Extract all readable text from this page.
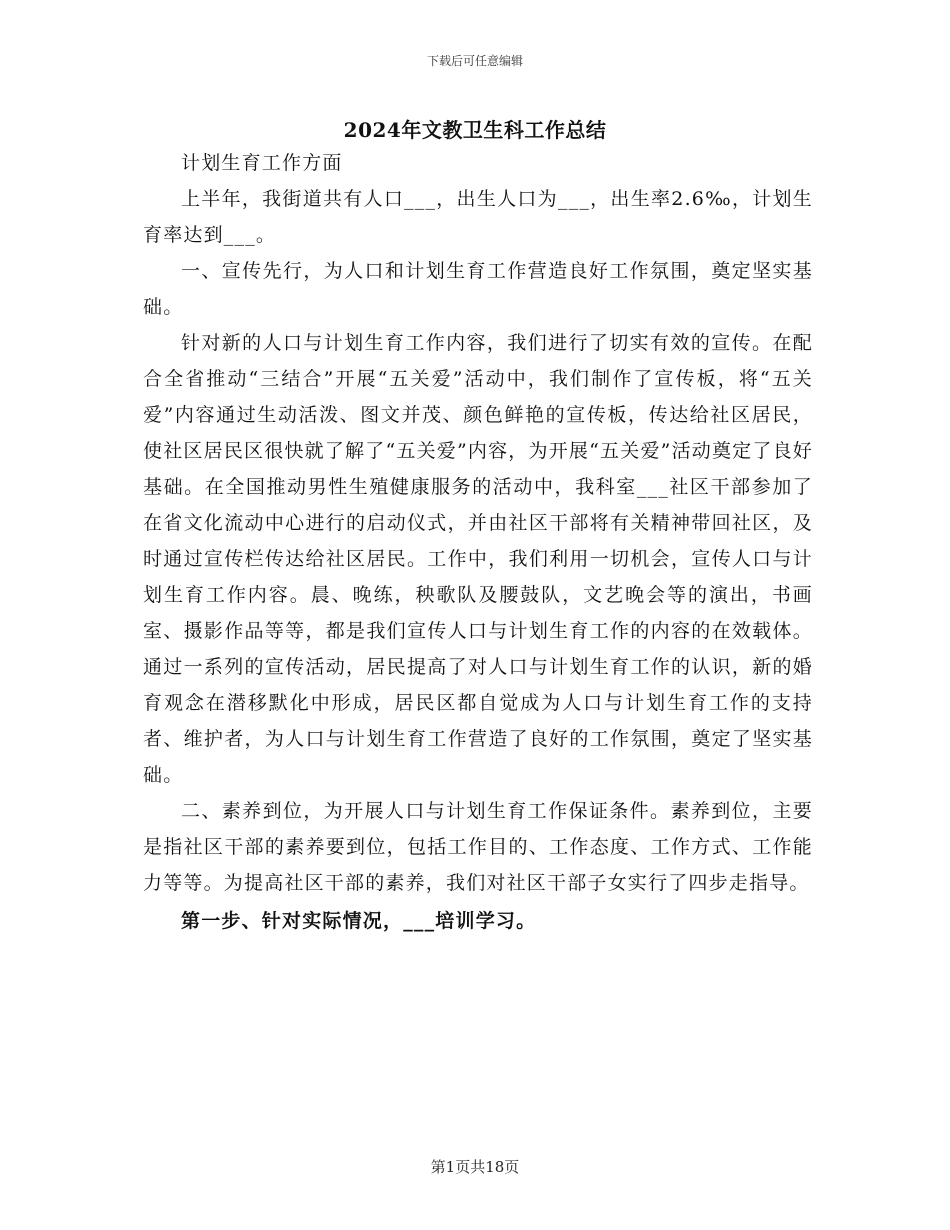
下载后可任意编辑
2024年文教卫生科工作总结

计划生育工作方面

上半年，我街道共有人口___，出生人口为___，出生率2.6‰，计划生育率达到___。

一、宣传先行，为人口和计划生育工作营造良好工作氛围，奠定坚实基础。

针对新的人口与计划生育工作内容，我们进行了切实有效的宣传。在配合全省推动“三结合”开展“五关爱”活动中，我们制作了宣传板，将“五关爱”内容通过生动活泼、图文并茂、颜色鲜艳的宣传板，传达给社区居民，使社区居民区很快就了解了“五关爱”内容，为开展“五关爱”活动奠定了良好基础。在全国推动男性生殖健康服务的活动中，我科室___社区干部参加了在省文化流动中心进行的启动仪式，并由社区干部将有关精神带回社区，及时通过宣传栏传达给社区居民。工作中，我们利用一切机会，宣传人口与计划生育工作内容。晨、晚练，秧歌队及腰鼓队，文艺晚会等的演出，书画室、摄影作品等等，都是我们宣传人口与计划生育工作的内容的在效载体。通过一系列的宣传活动，居民提高了对人口与计划生育工作的认识，新的婚育观念在潜移默化中形成，居民区都自觉成为人口与计划生育工作的支持者、维护者，为人口与计划生育工作营造了良好的工作氛围，奠定了坚实基础。

二、素养到位，为开展人口与计划生育工作保证条件。素养到位，主要是指社区干部的素养要到位，包括工作目的、工作态度、工作方式、工作能力等等。为提高社区干部的素养，我们对社区干部子女实行了四步走指导。

第一步、针对实际情况，___培训学习。

第1页共18页
